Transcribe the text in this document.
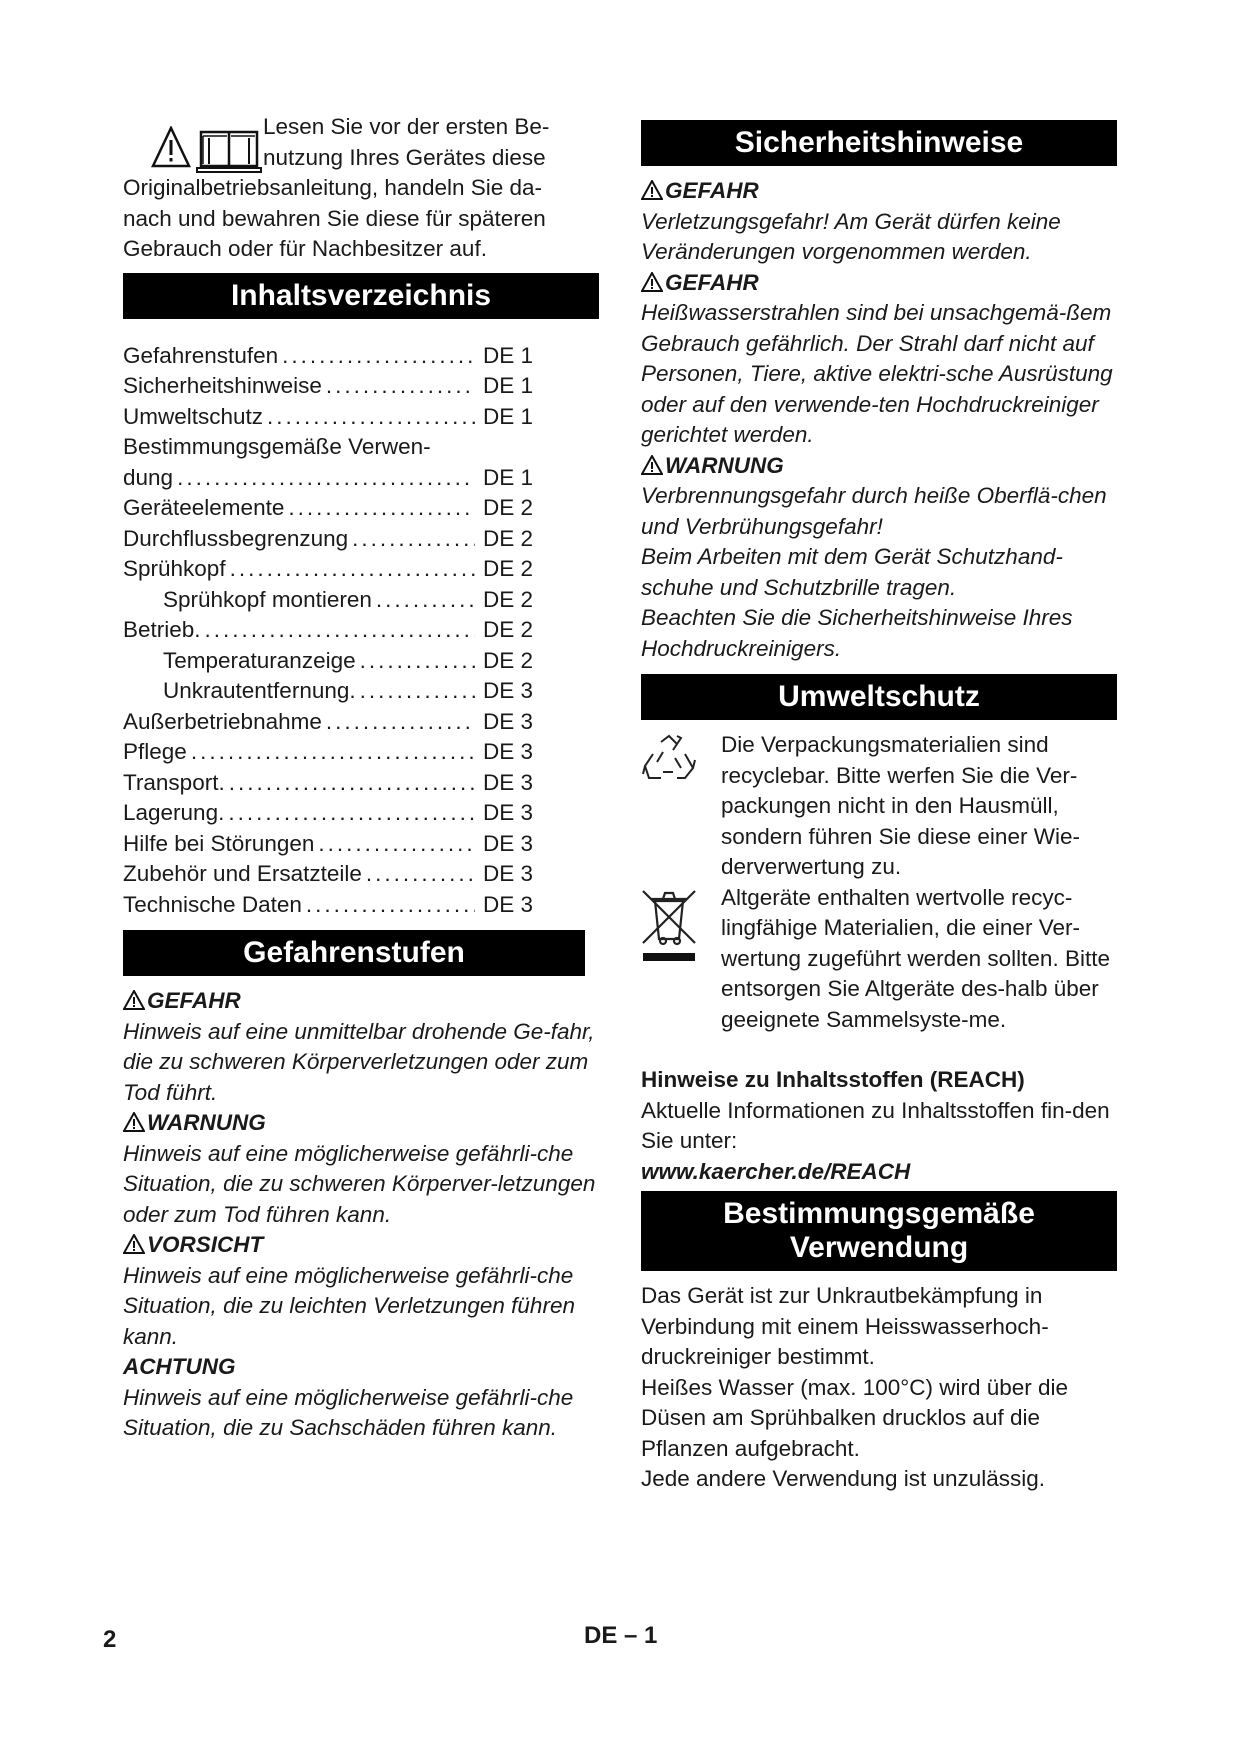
Lesen Sie vor der ersten Be-
nutzung Ihres Gerätes diese
Originalbetriebsanleitung, handeln Sie da-
nach und bewahren Sie diese für späteren
Gebrauch oder für Nachbesitzer auf.

Inhaltsverzeichnis
Gefahrenstufen .....	DE 1
Sicherheitshinweise .....	DE 1
Umweltschutz .....	DE 1
Bestimmungsgemäße Verwen-
dung .....	DE 1
Geräteelemente .....	DE 2
Durchflussbegrenzung .....	DE 2
Sprühkopf .....	DE 2
Sprühkopf montieren .....	DE 2
Betrieb. .....	DE 2
Temperaturanzeige .....	DE 2
Unkrautentfernung. .....	DE 3
Außerbetriebnahme .....	DE 3
Pflege .....	DE 3
Transport. .....	DE 3
Lagerung. .....	DE 3
Hilfe bei Störungen .....	DE 3
Zubehör und Ersatzteile .....	DE 3
Technische Daten .....	DE 3
Gefahrenstufen

GEFAHR

Hinweis auf eine unmittelbar drohende Ge-fahr, die zu schweren Körperverletzungen oder zum Tod führt.

WARNUNG

Hinweis auf eine möglicherweise gefährli-che Situation, die zu schweren Körperver-letzungen oder zum Tod führen kann.

VORSICHT

Hinweis auf eine möglicherweise gefährli-che Situation, die zu leichten Verletzungen führen kann.

ACHTUNG

Hinweis auf eine möglicherweise gefährli-che Situation, die zu Sachschäden führen kann.

Sicherheitshinweise

GEFAHR

Verletzungsgefahr! Am Gerät dürfen keine Veränderungen vorgenommen werden.

GEFAHR

Heißwasserstrahlen sind bei unsachgemä-ßem Gebrauch gefährlich. Der Strahl darf nicht auf Personen, Tiere, aktive elektri-sche Ausrüstung oder auf den verwende-ten Hochdruckreiniger gerichtet werden.

WARNUNG

Verbrennungsgefahr durch heiße Oberflä-chen und Verbrühungsgefahr!

Beim Arbeiten mit dem Gerät Schutzhand-schuhe und Schutzbrille tragen.

Beachten Sie die Sicherheitshinweise Ihres Hochdruckreinigers.

Umweltschutz

Die Verpackungsmaterialien sind recyclebar. Bitte werfen Sie die Ver-packungen nicht in den Hausmüll, sondern führen Sie diese einer Wie-derverwertung zu.

Altgeräte enthalten wertvolle recyc-lingfähige Materialien, die einer Ver-wertung zugeführt werden sollten. Bitte entsorgen Sie Altgeräte des-halb über geeignete Sammelsyste-me.

Hinweise zu Inhaltsstoffen (REACH)

Aktuelle Informationen zu Inhaltsstoffen fin-den Sie unter:

www.kaercher.de/REACH

Bestimmungsgemäße
Verwendung

Das Gerät ist zur Unkrautbekämpfung in Verbindung mit einem Heisswasserhoch-druckreiniger bestimmt.

Heißes Wasser (max. 100°C) wird über die Düsen am Sprühbalken drucklos auf die Pflanzen aufgebracht.

Jede andere Verwendung ist unzulässig.

2	DE – 1
